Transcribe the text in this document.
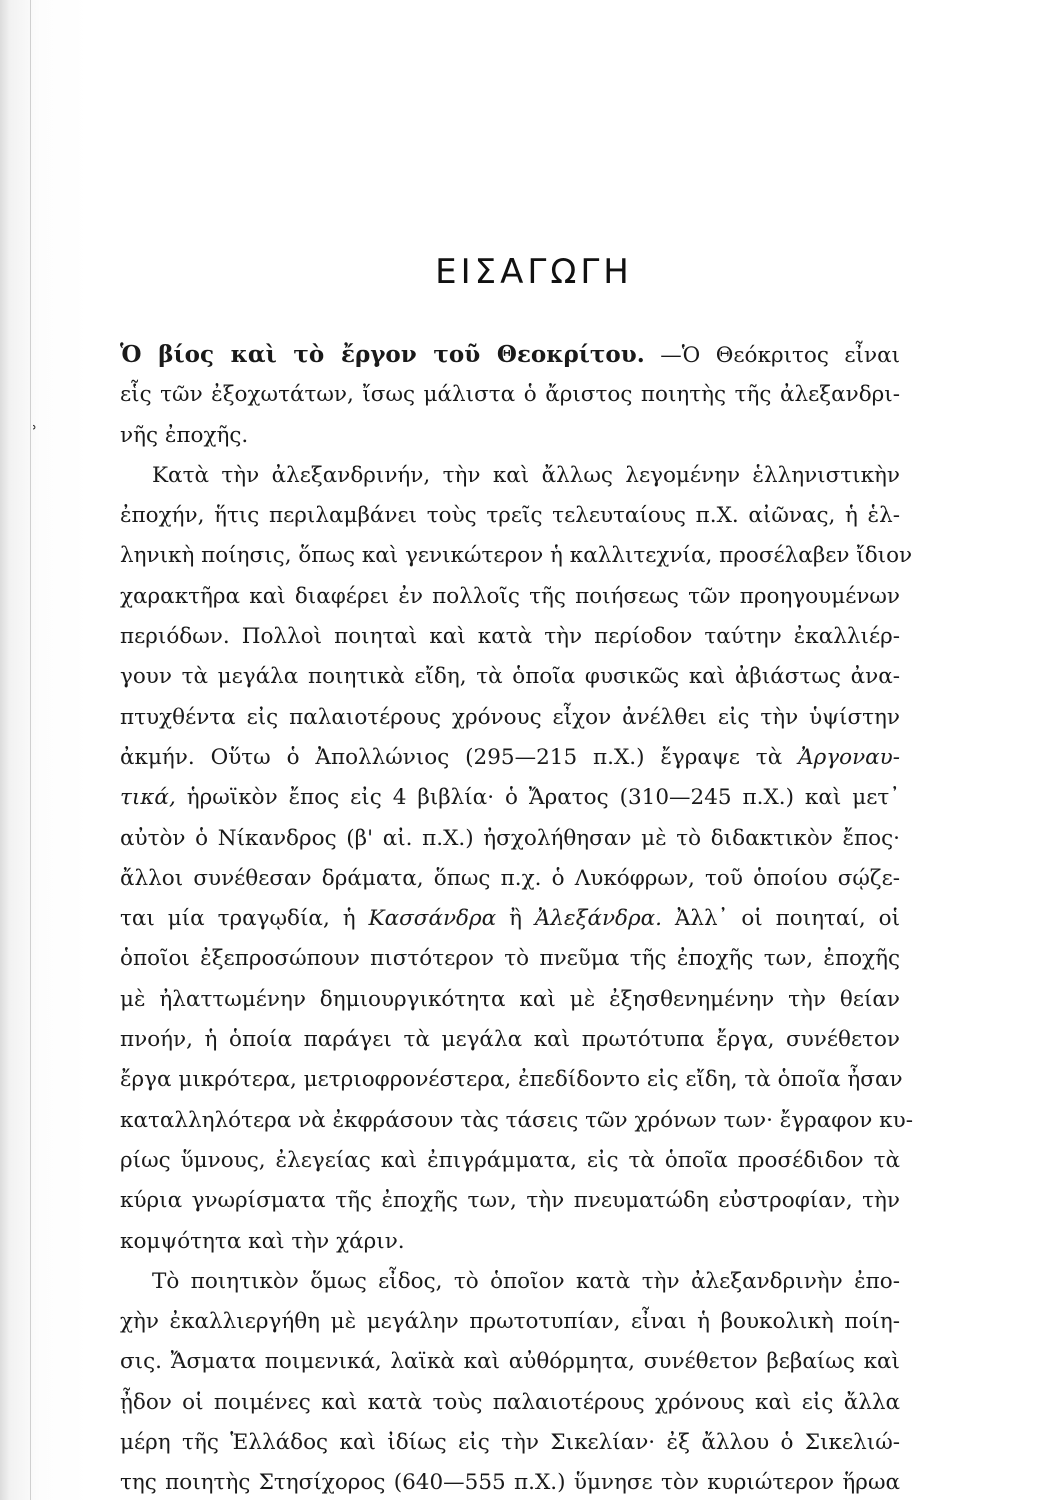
˒
ΕΙΣΑΓΩΓΗ
Ὁ βίος καὶ τὸ ἔργον τοῦ Θεοκρίτου. —Ὁ Θεόκριτος εἶναι
εἷς τῶν ἐξοχωτάτων, ἴσως μάλιστα ὁ ἄριστος ποιητὴς τῆς ἀλεξανδρι-
νῆς ἐποχῆς.
Κατὰ τὴν ἀλεξανδρινήν, τὴν καὶ ἄλλως λεγομένην ἑλληνιστικὴν
ἐποχήν, ἥτις περιλαμβάνει τοὺς τρεῖς τελευταίους π.Χ. αἰῶνας, ἡ ἑλ-
ληνικὴ ποίησις, ὅπως καὶ γενικώτερον ἡ καλλιτεχνία, προσέλαβεν ἴδιον
χαρακτῆρα καὶ διαφέρει ἐν πολλοῖς τῆς ποιήσεως τῶν προηγουμένων
περιόδων. Πολλοὶ ποιηταὶ καὶ κατὰ τὴν περίοδον ταύτην ἐκαλλιέρ-
γουν τὰ μεγάλα ποιητικὰ εἴδη, τὰ ὁποῖα φυσικῶς καὶ ἀβιάστως ἀνα-
πτυχθέντα εἰς παλαιοτέρους χρόνους εἶχον ἀνέλθει εἰς τὴν ὑψίστην
ἀκμήν. Οὕτω ὁ Ἀπολλώνιος (295—215 π.Χ.) ἔγραψε τὰ Ἀργοναυ-
τικά, ἡρωϊκὸν ἔπος εἰς 4 βιβλία· ὁ Ἄρατος (310—245 π.Χ.) καὶ μετ᾽
αὐτὸν ὁ Νίκανδρος (β' αἰ. π.Χ.) ἠσχολήθησαν μὲ τὸ διδακτικὸν ἔπος·
ἄλλοι συνέθεσαν δράματα, ὅπως π.χ. ὁ Λυκόφρων, τοῦ ὁποίου σῴζε-
ται μία τραγῳδία, ἡ Κασσάνδρα ἢ Ἀλεξάνδρα. Ἀλλ᾽ οἱ ποιηταί, οἱ
ὁποῖοι ἐξεπροσώπουν πιστότερον τὸ πνεῦμα τῆς ἐποχῆς των, ἐποχῆς
μὲ ἠλαττωμένην δημιουργικότητα καὶ μὲ ἐξησθενημένην τὴν θείαν
πνοήν, ἡ ὁποία παράγει τὰ μεγάλα καὶ πρωτότυπα ἔργα, συνέθετον
ἔργα μικρότερα, μετριοφρονέστερα, ἐπεδίδοντο εἰς εἴδη, τὰ ὁποῖα ἦσαν
καταλληλότερα νὰ ἐκφράσουν τὰς τάσεις τῶν χρόνων των· ἔγραφον κυ-
ρίως ὕμνους, ἐλεγείας καὶ ἐπιγράμματα, εἰς τὰ ὁποῖα προσέδιδον τὰ
κύρια γνωρίσματα τῆς ἐποχῆς των, τὴν πνευματώδη εὐστροφίαν, τὴν
κομψότητα καὶ τὴν χάριν.
Τὸ ποιητικὸν ὅμως εἶδος, τὸ ὁποῖον κατὰ τὴν ἀλεξανδρινὴν ἐπο-
χὴν ἐκαλλιεργήθη μὲ μεγάλην πρωτοτυπίαν, εἶναι ἡ βουκολικὴ ποίη-
σις. Ἄσματα ποιμενικά, λαϊκὰ καὶ αὐθόρμητα, συνέθετον βεβαίως καὶ
ᾖδον οἱ ποιμένες καὶ κατὰ τοὺς παλαιοτέρους χρόνους καὶ εἰς ἄλλα
μέρη τῆς Ἑλλάδος καὶ ἰδίως εἰς τὴν Σικελίαν· ἐξ ἄλλου ὁ Σικελιώ-
της ποιητὴς Στησίχορος (640—555 π.Χ.) ὕμνησε τὸν κυριώτερον ἥρωα
